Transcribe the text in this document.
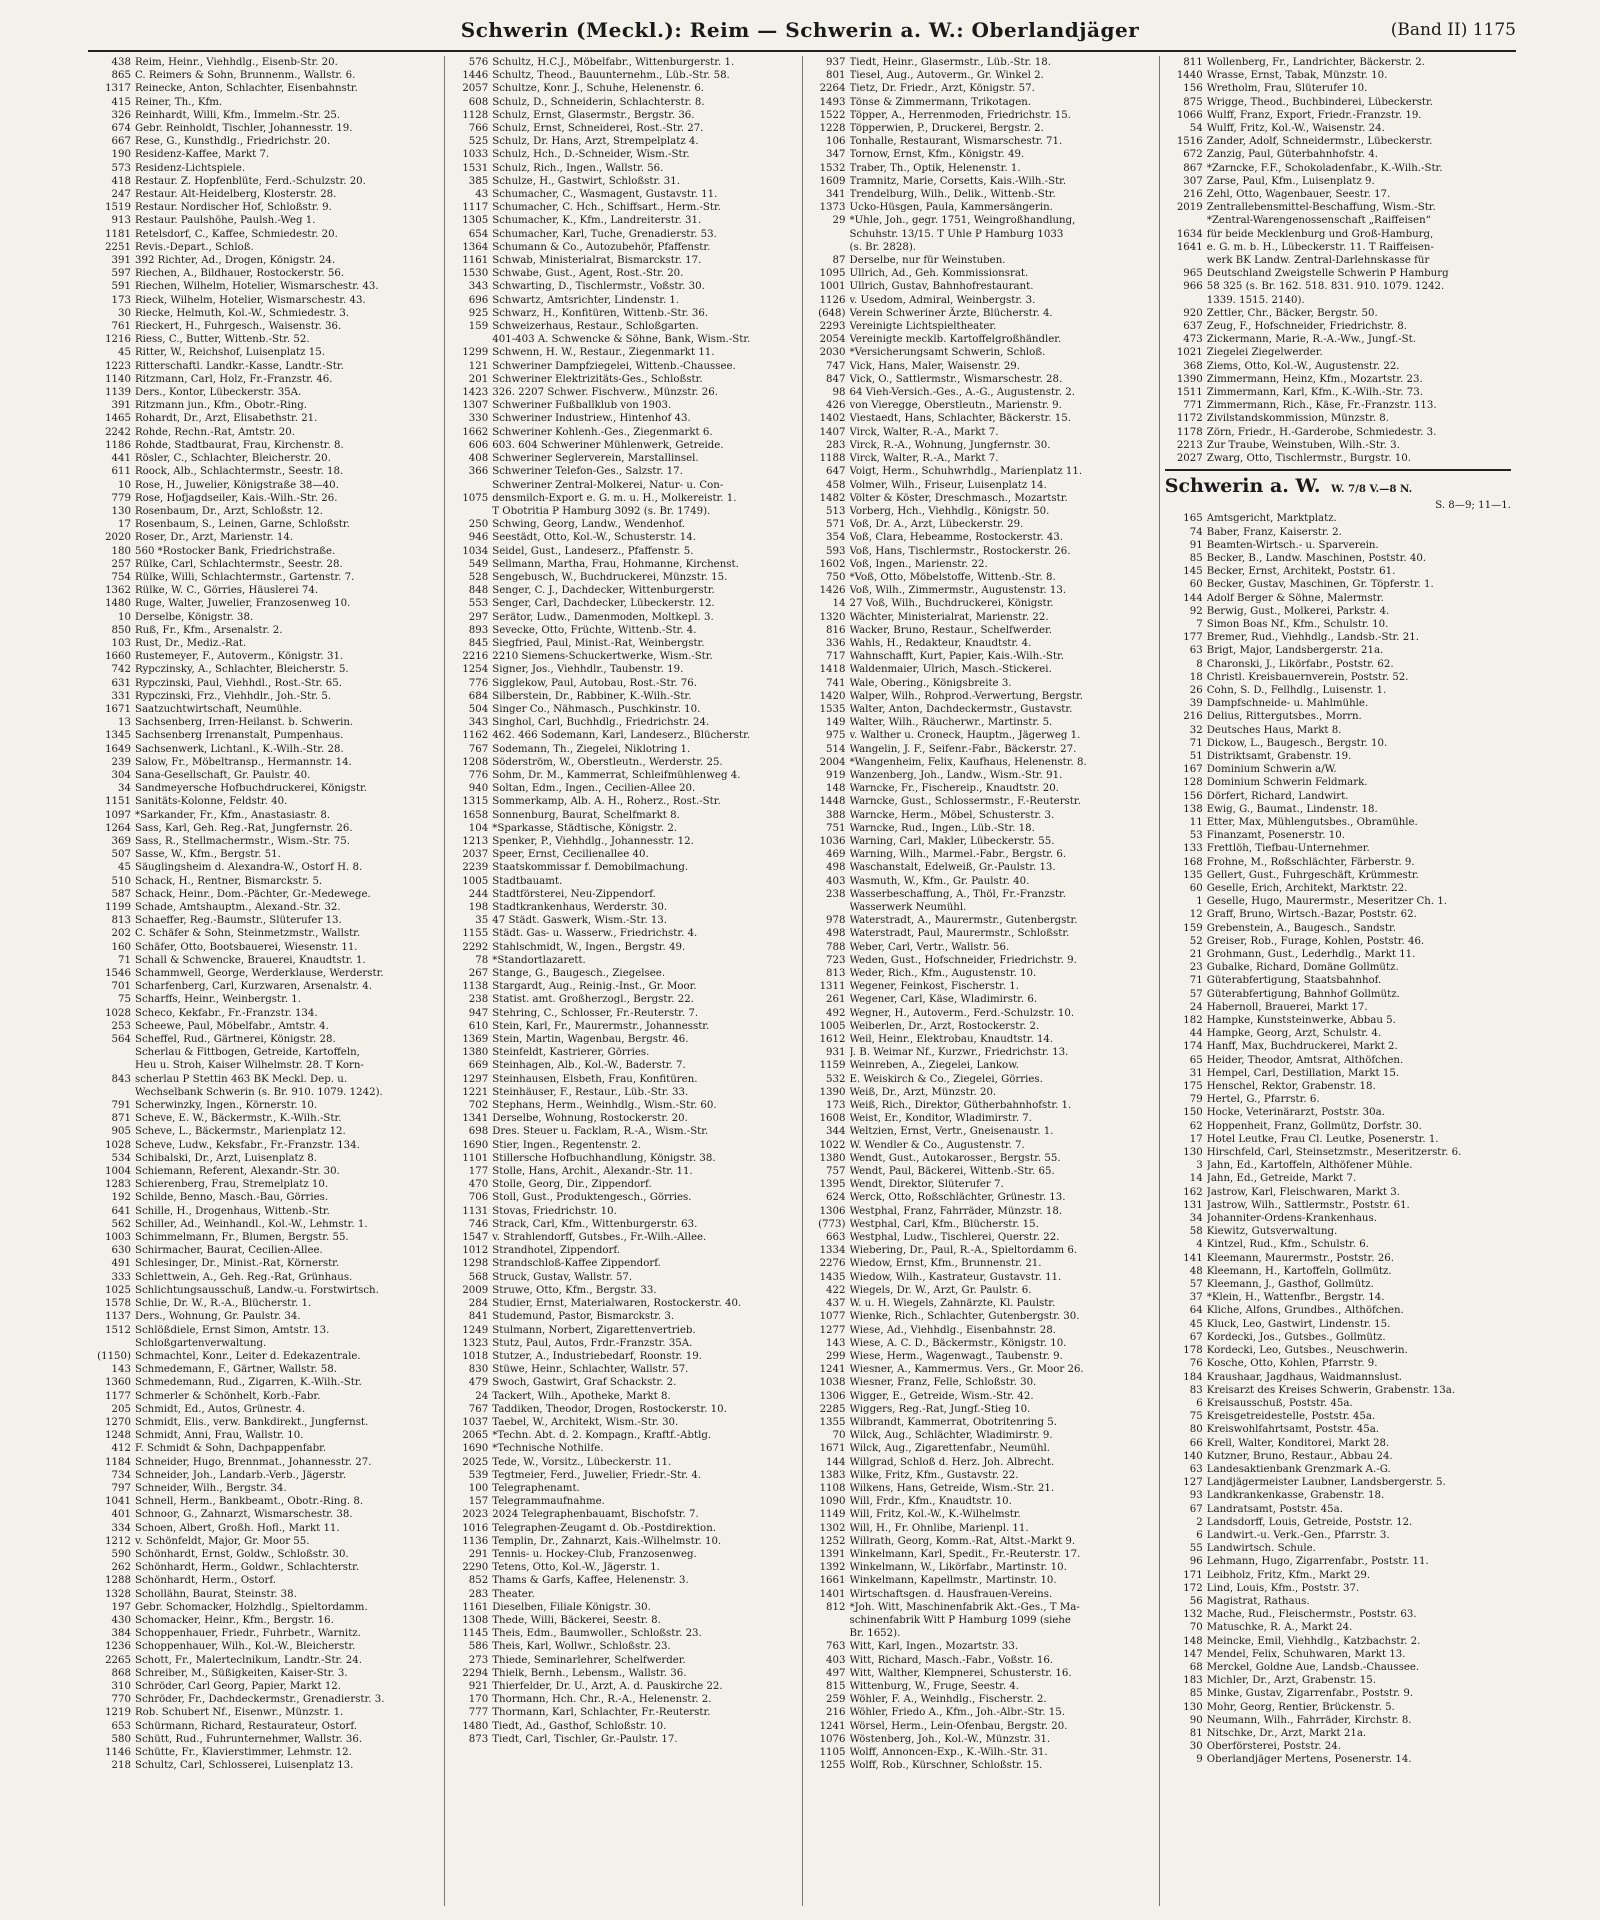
Schwerin (Meckl.): Reim — Schwerin a. W.: Oberlandjäger	(Band II) 1175
438 Reim, Heinr., Viehhdlg., Eisenb-Str. 20.
865 C. Reimers & Sohn, Brunnenm., Wallstr. 6.
1317 Reinecke, Anton, Schlachter, Eisenbahnstr.
415 Reiner, Th., Kfm.
326 Reinhardt, Willi, Kfm., Immelm.-Str. 25.
674 Gebr. Reinholdt, Tischler, Johannesstr. 19.
667 Rese, G., Kunsthdlg., Friedrichstr. 20.
190 Residenz-Kaffee, Markt 7.
573 Residenz-Lichtspiele.
418 Restaur. Z. Hopfenblüte, Ferd.-Schulzstr. 20.
247 Restaur. Alt-Heidelberg, Klosterstr. 28.
1519 Restaur. Nordischer Hof, Schloßstr. 9.
913 Restaur. Paulshöhe, Paulsh.-Weg 1.
1181 Retelsdorf, C., Kaffee, Schmiedestr. 20.
2251 Revis.-Depart., Schloß.
391 392 Richter, Ad., Drogen, Königstr. 24.
597 Riechen, A., Bildhauer, Rostockerstr. 56.
591 Riechen, Wilhelm, Hotelier, Wismarschestr. 43.
173 Rieck, Wilhelm, Hotelier, Wismarschestr. 43.
30 Riecke, Helmuth, Kol.-W., Schmiedestr. 3.
761 Rieckert, H., Fuhrgesch., Waisenstr. 36.
1216 Riess, C., Butter, Wittenb.-Str. 52.
45 Ritter, W., Reichshof, Luisenplatz 15.
1223 Ritterschaftl. Landkr.-Kasse, Landtr.-Str.
1140 Ritzmann, Carl, Holz, Fr.-Franzstr. 46.
1139 Ders., Kontor, Lübeckerstr. 35A.
391 Ritzmann jun., Kfm., Obotr.-Ring.
1465 Rohardt, Dr., Arzt, Elisabethstr. 21.
2242 Rohde, Rechn.-Rat, Amtstr. 20.
1186 Rohde, Stadtbaurat, Frau, Kirchenstr. 8.
441 Rösler, C., Schlachter, Bleicherstr. 20.
611 Roock, Alb., Schlachtermstr., Seestr. 18.
10 Rose, H., Juwelier, Königstraße 38—40.
779 Rose, Hofjagdseiler, Kais.-Wilh.-Str. 26.
130 Rosenbaum, Dr., Arzt, Schloßstr. 12.
17 Rosenbaum, S., Leinen, Garne, Schloßstr.
2020 Roser, Dr., Arzt, Marienstr. 14.
180 560 *Rostocker Bank, Friedrichstraße.
257 Rülke, Carl, Schlachtermstr., Seestr. 28.
754 Rülke, Willi, Schlachtermstr., Gartenstr. 7.
1362 Rülke, W. C., Görries, Häuslerei 74.
1480 Ruge, Walter, Juwelier, Franzosenweg 10.
10 Derselbe, Königstr. 38.
850 Ruß, Fr., Kfm., Arsenalstr. 2.
103 Rust, Dr., Mediz.-Rat.
1660 Rustemeyer, F., Autoverm., Königstr. 31.
742 Rypczinsky, A., Schlachter, Bleicherstr. 5.
631 Rypczinski, Paul, Viehhdl., Rost.-Str. 65.
331 Rypczinski, Frz., Viehhdlr., Joh.-Str. 5.
1671 Saatzuchtwirtschaft, Neumühle.
13 Sachsenberg, Irren-Heilanst. b. Schwerin.
1345 Sachsenberg Irrenanstalt, Pumpenhaus.
1649 Sachsenwerk, Lichtanl., K.-Wilh.-Str. 28.
239 Salow, Fr., Möbeltransp., Hermannstr. 14.
304 Sana-Gesellschaft, Gr. Paulstr. 40.
34 Sandmeyersche Hofbuchdruckerei, Königstr.
1151 Sanitäts-Kolonne, Feldstr. 40.
1097 *Sarkander, Fr., Kfm., Anastasiastr. 8.
1264 Sass, Karl, Geh. Reg.-Rat, Jungfernstr. 26.
369 Sass, R., Stellmachermstr., Wism.-Str. 75.
507 Sasse, W., Kfm., Bergstr. 51.
45 Säuglingsheim d. Alexandra-W., Ostorf H. 8.
510 Schack, H., Rentner, Bismarckstr. 5.
587 Schack, Heinr., Dom.-Pächter, Gr.-Medewege.
1199 Schade, Amtshauptm., Alexand.-Str. 32.
813 Schaeffer, Reg.-Baumstr., Slüterufer 13.
202 C. Schäfer & Sohn, Steinmetzmstr., Wallstr.
160 Schäfer, Otto, Bootsbauerei, Wiesenstr. 11.
71 Schall & Schwencke, Brauerei, Knaudtstr. 1.
1546 Schammwell, George, Werderklause, Werderstr.
701 Scharfenberg, Carl, Kurzwaren, Arsenalstr. 4.
75 Scharffs, Heinr., Weinbergstr. 1.
1028 Scheco, Kekfabr., Fr.-Franzstr. 134.
253 Scheewe, Paul, Möbelfabr., Amtstr. 4.
564 Scheffel, Rud., Gärtnerei, Königstr. 28.
Scherlau & Fittbogen, Getreide, Kartoffeln,
Heu u. Stroh, Kaiser Wilhelmstr. 28. T Korn-
843 scherlau P Stettin 463 BK Meckl. Dep. u.
Wechselbank Schwerin (s. Br. 910. 1079. 1242).
791 Scherwinzky, Ingen., Körnerstr. 10.
871 Scheve, E. W., Bäckermstr., K.-Wilh.-Str.
905 Scheve, L., Bäckermstr., Marienplatz 12.
1028 Scheve, Ludw., Keksfabr., Fr.-Franzstr. 134.
534 Schibalski, Dr., Arzt, Luisenplatz 8.
1004 Schiemann, Referent, Alexandr.-Str. 30.
1283 Schierenberg, Frau, Stremelplatz 10.
192 Schilde, Benno, Masch.-Bau, Görries.
641 Schille, H., Drogenhaus, Wittenb.-Str.
562 Schiller, Ad., Weinhandl., Kol.-W., Lehmstr. 1.
1003 Schimmelmann, Fr., Blumen, Bergstr. 55.
630 Schirmacher, Baurat, Cecilien-Allee.
491 Schlesinger, Dr., Minist.-Rat, Körnerstr.
333 Schlettwein, A., Geh. Reg.-Rat, Grünhaus.
1025 Schlichtungsausschuß, Landw.-u. Forstwirtsch.
1578 Schlie, Dr. W., R.-A., Blücherstr. 1.
1137 Ders., Wohnung, Gr. Paulstr. 34.
1512 Schlößdiele, Ernst Simon, Amtstr. 13.
Schloßgartenverwaltung.
(1150) Schmachtel, Konr., Leiter d. Edekazentrale.
143 Schmedemann, F., Gärtner, Wallstr. 58.
1360 Schmedemann, Rud., Zigarren, K.-Wilh.-Str.
1177 Schmerler & Schönhelt, Korb.-Fabr.
205 Schmidt, Ed., Autos, Grünestr. 4.
1270 Schmidt, Elis., verw. Bankdirekt., Jungfernst.
1248 Schmidt, Anni, Frau, Wallstr. 10.
412 F. Schmidt & Sohn, Dachpappenfabr.
1184 Schneider, Hugo, Brennmat., Johannesstr. 27.
734 Schneider, Joh., Landarb.-Verb., Jägerstr.
797 Schneider, Wilh., Bergstr. 34.
1041 Schnell, Herm., Bankbeamt., Obotr.-Ring. 8.
401 Schnoor, G., Zahnarzt, Wismarschestr. 38.
334 Schoen, Albert, Großh. Hofl., Markt 11.
1212 v. Schönfeldt, Major, Gr. Moor 55.
590 Schönhardt, Ernst, Goldw., Schloßstr. 30.
262 Schönhardt, Herm., Goldwr., Schlachterstr.
1288 Schönhardt, Herm., Ostorf.
1328 Schollähn, Baurat, Steinstr. 38.
197 Gebr. Schomacker, Holzhdlg., Spieltordamm.
430 Schomacker, Heinr., Kfm., Bergstr. 16.
384 Schoppenhauer, Friedr., Fuhrbetr., Warnitz.
1236 Schoppenhauer, Wilh., Kol.-W., Bleicherstr.
2265 Schott, Fr., Malerteclnikum, Landtr.-Str. 24.
868 Schreiber, M., Süßigkeiten, Kaiser-Str. 3.
310 Schröder, Carl Georg, Papier, Markt 12.
770 Schröder, Fr., Dachdeckermstr., Grenadierstr. 3.
1219 Rob. Schubert Nf., Eisenwr., Münzstr. 1.
653 Schürmann, Richard, Restaurateur, Ostorf.
580 Schütt, Rud., Fuhrunternehmer, Wallstr. 36.
1146 Schütte, Fr., Klavierstimmer, Lehmstr. 12.
218 Schultz, Carl, Schlosserei, Luisenplatz 13.
576 Schultz, H.C.J., Möbelfabr., Wittenburgerstr. 1.
1446 Schultz, Theod., Bauunternehm., Lüb.-Str. 58.
2057 Schultze, Konr. J., Schuhe, Helenenstr. 6.
608 Schulz, D., Schneiderin, Schlachterstr. 8.
1128 Schulz, Ernst, Glasermstr., Bergstr. 36.
766 Schulz, Ernst, Schneiderei, Rost.-Str. 27.
525 Schulz, Dr. Hans, Arzt, Strempelplatz 4.
1033 Schulz, Hch., D.-Schneider, Wism.-Str.
1531 Schulz, Rich., Ingen., Wallstr. 56.
385 Schulze, H., Gastwirt, Schloßstr. 31.
43 Schumacher, C., Wasmagent, Gustavstr. 11.
1117 Schumacher, C. Hch., Schiffsart., Herm.-Str.
1305 Schumacher, K., Kfm., Landreiterstr. 31.
654 Schumacher, Karl, Tuche, Grenadierstr. 53.
1364 Schumann & Co., Autozubehör, Pfaffenstr.
1161 Schwab, Ministerialrat, Bismarckstr. 17.
1530 Schwabe, Gust., Agent, Rost.-Str. 20.
343 Schwarting, D., Tischlermstr., Voßstr. 30.
696 Schwartz, Amtsrichter, Lindenstr. 1.
925 Schwarz, H., Konfitüren, Wittenb.-Str. 36.
159 Schweizerhaus, Restaur., Schloßgarten.
401-403 A. Schwencke & Söhne, Bank, Wism.-Str.
1299 Schwenn, H. W., Restaur., Ziegenmarkt 11.
121 Schweriner Dampfziegelei, Wittenb.-Chaussee.
201 Schweriner Elektrizitäts-Ges., Schloßstr.
1423 326. 2207 Schwer. Fischverw., Münzstr. 26.
1307 Schweriner Fußballklub von 1903.
330 Schweriner Industriew., Hintenhof 43.
1662 Schweriner Kohlenh.-Ges., Ziegenmarkt 6.
606 603. 604 Schweriner Mühlenwerk, Getreide.
408 Schweriner Seglerverein, Marstallinsel.
366 Schweriner Telefon-Ges., Salzstr. 17.
Schweriner Zentral-Molkerei, Natur- u. Con-
1075 densmilch-Export e. G. m. u. H., Molkereistr. 1.
T Obotritia P Hamburg 3092 (s. Br. 1749).
250 Schwing, Georg, Landw., Wendenhof.
946 Seestädt, Otto, Kol.-W., Schusterstr. 14.
1034 Seidel, Gust., Landeserz., Pfaffenstr. 5.
549 Sellmann, Martha, Frau, Hohmanne, Kirchenst.
528 Sengebusch, W., Buchdruckerei, Münzstr. 15.
848 Senger, C. J., Dachdecker, Wittenburgerstr.
553 Senger, Carl, Dachdecker, Lübeckerstr. 12.
297 Serätor, Ludw., Damenmoden, Moltkepl. 3.
893 Sevecke, Otto, Früchte, Wittenb.-Str. 4.
845 Siegfried, Paul, Minist.-Rat, Weinbergstr.
2216 2210 Siemens-Schuckertwerke, Wism.-Str.
1254 Signer, Jos., Viehhdlr., Taubenstr. 19.
776 Sigglekow, Paul, Autobau, Rost.-Str. 76.
684 Silberstein, Dr., Rabbiner, K.-Wilh.-Str.
504 Singer Co., Nähmasch., Puschkinstr. 10.
343 Singhol, Carl, Buchhdlg., Friedrichstr. 24.
1162 462. 466 Sodemann, Karl, Landeserz., Blücherstr.
767 Sodemann, Th., Ziegelei, Niklotring 1.
1208 Söderström, W., Oberstleutn., Werderstr. 25.
776 Sohm, Dr. M., Kammerrat, Schleifmühlenweg 4.
940 Soltan, Edm., Ingen., Cecilien-Allee 20.
1315 Sommerkamp, Alb. A. H., Roherz., Rost.-Str.
1658 Sonnenburg, Baurat, Schelfmarkt 8.
104 *Sparkasse, Städtische, Königstr. 2.
1213 Spenker, P., Viehhdlg., Johannesstr. 12.
2037 Speer, Ernst, Cecilienallee 40.
2239 Staatskommissar f. Demobilmachung.
1005 Stadtbauamt.
244 Stadtförsterei, Neu-Zippendorf.
198 Stadtkrankenhaus, Werderstr. 30.
35 47 Städt. Gaswerk, Wism.-Str. 13.
1155 Städt. Gas- u. Wasserw., Friedrichstr. 4.
2292 Stahlschmidt, W., Ingen., Bergstr. 49.
78 *Standortlazarett.
267 Stange, G., Baugesch., Ziegelsee.
1138 Stargardt, Aug., Reinig.-Inst., Gr. Moor.
238 Statist. amt. Großherzogl., Bergstr. 22.
947 Stehring, C., Schlosser, Fr.-Reuterstr. 7.
610 Stein, Karl, Fr., Maurermstr., Johannesstr.
1369 Stein, Martin, Wagenbau, Bergstr. 46.
1380 Steinfeldt, Kastrierer, Görries.
669 Steinhagen, Alb., Kol.-W., Baderstr. 7.
1297 Steinhausen, Elsbeth, Frau, Konfitüren.
1221 Steinhäuser, F., Restaur., Lüb.-Str. 33.
702 Stephans, Herm., Weinhdlg., Wism.-Str. 60.
1341 Derselbe, Wohnung, Rostockerstr. 20.
698 Dres. Steuer u. Facklam, R.-A., Wism.-Str.
1690 Stier, Ingen., Regentenstr. 2.
1101 Stillersche Hofbuchhandlung, Königstr. 38.
177 Stolle, Hans, Archit., Alexandr.-Str. 11.
470 Stolle, Georg, Dir., Zippendorf.
706 Stoll, Gust., Produktengesch., Görries.
1131 Stovas, Friedrichstr. 10.
746 Strack, Carl, Kfm., Wittenburgerstr. 63.
1547 v. Strahlendorff, Gutsbes., Fr.-Wilh.-Allee.
1012 Strandhotel, Zippendorf.
1298 Strandschloß-Kaffee Zippendorf.
568 Struck, Gustav, Wallstr. 57.
2009 Struwe, Otto, Kfm., Bergstr. 33.
284 Studier, Ernst, Materialwaren, Rostockerstr. 40.
841 Studemund, Pastor, Bismarckstr. 3.
1249 Stulmann, Norbert, Zigarettenvertrieb.
1323 Stutz, Paul, Autos, Frdr.-Franzstr. 35A.
1018 Stutzer, A., Industriebedarf, Roonstr. 19.
830 Stüwe, Heinr., Schlachter, Wallstr. 57.
479 Swoch, Gastwirt, Graf Schackstr. 2.
24 Tackert, Wilh., Apotheke, Markt 8.
767 Taddiken, Theodor, Drogen, Rostockerstr. 10.
1037 Taebel, W., Architekt, Wism.-Str. 30.
2065 *Techn. Abt. d. 2. Kompagn., Kraftf.-Abtlg.
1690 *Technische Nothilfe.
2025 Tede, W., Vorsitz., Lübeckerstr. 11.
539 Tegtmeier, Ferd., Juwelier, Friedr.-Str. 4.
100 Telegraphenamt.
157 Telegrammaufnahme.
2023 2024 Telegraphenbauamt, Bischofstr. 7.
1016 Telegraphen-Zeugamt d. Ob.-Postdirektion.
1136 Templin, Dr., Zahnarzt, Kais.-Wilhelmstr. 10.
291 Tennis- u. Hockey-Club, Franzosenweg.
2290 Tetens, Otto, Kol.-W., Jägerstr. 1.
852 Thams & Garfs, Kaffee, Helenenstr. 3.
283 Theater.
1161 Dieselben, Filiale Königstr. 30.
1308 Thede, Willi, Bäckerei, Seestr. 8.
1145 Theis, Edm., Baumwoller., Schloßstr. 23.
586 Theis, Karl, Wollwr., Schloßstr. 23.
273 Thiede, Seminarlehrer, Schelfwerder.
2294 Thielk, Bernh., Lebensm., Wallstr. 36.
921 Thierfelder, Dr. U., Arzt, A. d. Pauskirche 22.
170 Thormann, Hch. Chr., R.-A., Helenenstr. 2.
777 Thormann, Karl, Schlachter, Fr.-Reuterstr.
1480 Tiedt, Ad., Gasthof, Schloßstr. 10.
873 Tiedt, Carl, Tischler, Gr.-Paulstr. 17.
937 Tiedt, Heinr., Glasermstr., Lüb.-Str. 18.
801 Tiesel, Aug., Autoverm., Gr. Winkel 2.
2264 Tietz, Dr. Friedr., Arzt, Königstr. 57.
1493 Tönse & Zimmermann, Trikotagen.
1522 Töpper, A., Herrenmoden, Friedrichstr. 15.
1228 Töpperwien, P., Druckerei, Bergstr. 2.
106 Tonhalle, Restaurant, Wismarschestr. 71.
347 Tornow, Ernst, Kfm., Königstr. 49.
1532 Traber, Th., Optik, Helenenstr. 1.
1609 Tramnitz, Marie, Corsetts, Kais.-Wilh.-Str.
341 Trendelburg, Wilh., Delik., Wittenb.-Str.
1373 Ucko-Hüsgen, Paula, Kammersängerin.
29 *Uhle, Joh., gegr. 1751, Weingroßhandlung,
Schuhstr. 13/15. T Uhle P Hamburg 1033
(s. Br. 2828).
87 Derselbe, nur für Weinstuben.
1095 Ullrich, Ad., Geh. Kommissionsrat.
1001 Ullrich, Gustav, Bahnhofrestaurant.
1126 v. Usedom, Admiral, Weinbergstr. 3.
(648) Verein Schweriner Ärzte, Blücherstr. 4.
2293 Vereinigte Lichtspieltheater.
2054 Vereinigte mecklb. Kartoffelgroßhändler.
2030 *Versicherungsamt Schwerin, Schloß.
747 Vick, Hans, Maler, Waisenstr. 29.
847 Vick, O., Sattlermstr., Wismarschestr. 28.
98 64 Vieh-Versich.-Ges., A.-G., Augustenstr. 2.
426 von Vieregge, Oberstleutn., Marienstr. 9.
1402 Viestaedt, Hans, Schlachter, Bäckerstr. 15.
1407 Virck, Walter, R.-A., Markt 7.
283 Virck, R.-A., Wohnung, Jungfernstr. 30.
1188 Virck, Walter, R.-A., Markt 7.
647 Voigt, Herm., Schuhwrhdlg., Marienplatz 11.
458 Volmer, Wilh., Friseur, Luisenplatz 14.
1482 Völter & Köster, Dreschmasch., Mozartstr.
513 Vorberg, Hch., Viehhdlg., Königstr. 50.
571 Voß, Dr. A., Arzt, Lübeckerstr. 29.
354 Voß, Clara, Hebeamme, Rostockerstr. 43.
593 Voß, Hans, Tischlermstr., Rostockerstr. 26.
1602 Voß, Ingen., Marienstr. 22.
750 *Voß, Otto, Möbelstoffe, Wittenb.-Str. 8.
1426 Voß, Wilh., Zimmermstr., Augustenstr. 13.
14 27 Voß, Wilh., Buchdruckerei, Königstr.
1320 Wächter, Ministerialrat, Marienstr. 22.
816 Wacker, Bruno, Restaur., Schelfwerder.
336 Wahls, H., Redakteur, Knaudtstr. 4.
717 Wahnschafft, Kurt, Papier, Kais.-Wilh.-Str.
1418 Waldenmaier, Ulrich, Masch.-Stickerei.
741 Wale, Obering., Königsbreite 3.
1420 Walper, Wilh., Rohprod.-Verwertung, Bergstr.
1535 Walter, Anton, Dachdeckermstr., Gustavstr.
149 Walter, Wilh., Räucherwr., Martinstr. 5.
975 v. Walther u. Croneck, Hauptm., Jägerweg 1.
514 Wangelin, J. F., Seifenr.-Fabr., Bäckerstr. 27.
2004 *Wangenheim, Felix, Kaufhaus, Helenenstr. 8.
919 Wanzenberg, Joh., Landw., Wism.-Str. 91.
148 Warncke, Fr., Fischereip., Knaudtstr. 20.
1448 Warncke, Gust., Schlossermstr., F.-Reuterstr.
388 Warncke, Herm., Möbel, Schusterstr. 3.
751 Warncke, Rud., Ingen., Lüb.-Str. 18.
1036 Warning, Carl, Makler, Lübeckerstr. 55.
469 Warning, Wilh., Marmel.-Fabr., Bergstr. 6.
498 Waschanstalt, Edelweiß, Gr.-Paulstr. 13.
403 Wasmuth, W., Kfm., Gr. Paulstr. 40.
238 Wasserbeschaffung, A., Thöl, Fr.-Franzstr.
Wasserwerk Neumühl.
978 Waterstradt, A., Maurermstr., Gutenbergstr.
498 Waterstradt, Paul, Maurermstr., Schloßstr.
788 Weber, Carl, Vertr., Wallstr. 56.
723 Weden, Gust., Hofschneider, Friedrichstr. 9.
813 Weder, Rich., Kfm., Augustenstr. 10.
1311 Wegener, Feinkost, Fischerstr. 1.
261 Wegener, Carl, Käse, Wladimirstr. 6.
492 Wegner, H., Autoverm., Ferd.-Schulzstr. 10.
1005 Weiberlen, Dr., Arzt, Rostockerstr. 2.
1612 Weil, Heinr., Elektrobau, Knaudtstr. 14.
931 J. B. Weimar Nf., Kurzwr., Friedrichstr. 13.
1159 Weinreben, A., Ziegelei, Lankow.
532 E. Weiskirch & Co., Ziegelei, Görries.
1390 Weiß, Dr., Arzt, Münzstr. 20.
173 Weiß, Rich., Direktor, Gütherbahnhofstr. 1.
1608 Weist, Er., Konditor, Wladimirstr. 7.
344 Weltzien, Ernst, Vertr., Gneisenaustr. 1.
1022 W. Wendler & Co., Augustenstr. 7.
1380 Wendt, Gust., Autokarosser., Bergstr. 55.
757 Wendt, Paul, Bäckerei, Wittenb.-Str. 65.
1395 Wendt, Direktor, Slüterufer 7.
624 Werck, Otto, Roßschlächter, Grünestr. 13.
1306 Westphal, Franz, Fahrräder, Münzstr. 18.
(773) Westphal, Carl, Kfm., Blücherstr. 15.
663 Westphal, Ludw., Tischlerei, Querstr. 22.
1334 Wiebering, Dr., Paul, R.-A., Spieltordamm 6.
2276 Wiedow, Ernst, Kfm., Brunnenstr. 21.
1435 Wiedow, Wilh., Kastrateur, Gustavstr. 11.
422 Wiegels, Dr. W., Arzt, Gr. Paulstr. 6.
437 W. u. H. Wiegels, Zahnärzte, Kl. Paulstr.
1077 Wienke, Rich., Schlachter, Gutenbergstr. 30.
1277 Wiese, Ad., Viehhdlg., Eisenbahnstr. 28.
143 Wiese, A. C. D., Bäckermstr., Königstr. 10.
299 Wiese, Herm., Wagenwagt., Taubenstr. 9.
1241 Wiesner, A., Kammermus. Vers., Gr. Moor 26.
1038 Wiesner, Franz, Felle, Schloßstr. 30.
1306 Wigger, E., Getreide, Wism.-Str. 42.
2285 Wiggers, Reg.-Rat, Jungf.-Stieg 10.
1355 Wilbrandt, Kammerrat, Obotritenring 5.
70 Wilck, Aug., Schlächter, Wladimirstr. 9.
1671 Wilck, Aug., Zigarettenfabr., Neumühl.
144 Willgrad, Schloß d. Herz. Joh. Albrecht.
1383 Wilke, Fritz, Kfm., Gustavstr. 22.
1108 Wilkens, Hans, Getreide, Wism.-Str. 21.
1090 Will, Frdr., Kfm., Knaudtstr. 10.
1149 Will, Fritz, Kol.-W., K.-Wilhelmstr.
1302 Will, H., Fr. Ohnlibe, Marienpl. 11.
1252 Willrath, Georg, Komm.-Rat, Altst.-Markt 9.
1391 Winkelmann, Karl, Spedit., Fr.-Reuterstr. 17.
1392 Winkelmann, W., Likörfabr., Martinstr. 10.
1661 Winkelmann, Kapellmstr., Martinstr. 10.
1401 Wirtschaftsgen. d. Hausfrauen-Vereins.
812 *Joh. Witt, Maschinenfabrik Akt.-Ges., T Ma-
schinenfabrik Witt P Hamburg 1099 (siehe
Br. 1652).
763 Witt, Karl, Ingen., Mozartstr. 33.
403 Witt, Richard, Masch.-Fabr., Voßstr. 16.
497 Witt, Walther, Klempnerei, Schusterstr. 16.
815 Wittenburg, W., Fruge, Seestr. 4.
259 Wöhler, F. A., Weinhdlg., Fischerstr. 2.
216 Wöhler, Friedo A., Kfm., Joh.-Albr.-Str. 15.
1241 Wörsel, Herm., Lein-Ofenbau, Bergstr. 20.
1076 Wöstenberg, Joh., Kol.-W., Münzstr. 31.
1105 Wolff, Annoncen-Exp., K.-Wilh.-Str. 31.
1255 Wolff, Rob., Kürschner, Schloßstr. 15.
811 Wollenberg, Fr., Landrichter, Bäckerstr. 2.
1440 Wrasse, Ernst, Tabak, Münzstr. 10.
156 Wretholm, Frau, Slüterufer 10.
875 Wrigge, Theod., Buchbinderei, Lübeckerstr.
1066 Wulff, Franz, Export, Friedr.-Franzstr. 19.
54 Wulff, Fritz, Kol.-W., Waisenstr. 24.
1516 Zander, Adolf, Schneidermstr., Lübeckerstr.
672 Zanzig, Paul, Güterbahnhofstr. 4.
867 *Zarncke, F.F., Schokoladenfabr., K.-Wilh.-Str.
307 Zarse, Paul, Kfm., Luisenplatz 9.
216 Zehl, Otto, Wagenbauer, Seestr. 17.
2019 Zentrallebensmittel-Beschaffung, Wism.-Str.
*Zentral-Warengenossenschaft „Raiffeisen“
1634 für beide Mecklenburg und Groß-Hamburg,
1641 e. G. m. b. H., Lübeckerstr. 11. T Raiffeisen-
werk BK Landw. Zentral-Darlehnskasse für
965 Deutschland Zweigstelle Schwerin P Hamburg
966 58 325 (s. Br. 162. 518. 831. 910. 1079. 1242.
1339. 1515. 2140).
920 Zettler, Chr., Bäcker, Bergstr. 50.
637 Zeug, F., Hofschneider, Friedrichstr. 8.
473 Zickermann, Marie, R.-A.-Ww., Jungf.-St.
1021 Ziegelei Ziegelwerder.
368 Ziems, Otto, Kol.-W., Augustenstr. 22.
1390 Zimmermann, Heinz, Kfm., Mozartstr. 23.
1511 Zimmermann, Karl, Kfm., K.-Wilh.-Str. 73.
771 Zimmermann, Rich., Käse, Fr.-Franzstr. 113.
1172 Zivilstandskommission, Münzstr. 8.
1178 Zörn, Friedr., H.-Garderobe, Schmiedestr. 3.
2213 Zur Traube, Weinstuben, Wilh.-Str. 3.
2027 Zwarg, Otto, Tischlermstr., Burgstr. 10.
Schwerin a. W. W. 7/8 V.—8 N.
S. 8—9; 11—1.
165 Amtsgericht, Marktplatz.
74 Baber, Franz, Kaiserstr. 2.
91 Beamten-Wirtsch.- u. Sparverein.
85 Becker, B., Landw. Maschinen, Poststr. 40.
145 Becker, Ernst, Architekt, Poststr. 61.
60 Becker, Gustav, Maschinen, Gr. Töpferstr. 1.
144 Adolf Berger & Söhne, Malermstr.
92 Berwig, Gust., Molkerei, Parkstr. 4.
7 Simon Boas Nf., Kfm., Schulstr. 10.
177 Bremer, Rud., Viehhdlg., Landsb.-Str. 21.
63 Brigt, Major, Landsbergerstr. 21a.
8 Charonski, J., Likörfabr., Poststr. 62.
18 Christl. Kreisbauernverein, Poststr. 52.
26 Cohn, S. D., Fellhdlg., Luisenstr. 1.
39 Dampfschneide- u. Mahlmühle.
216 Delius, Rittergutsbes., Morrn.
32 Deutsches Haus, Markt 8.
71 Dickow, L., Baugesch., Bergstr. 10.
51 Distriktsamt, Grabenstr. 19.
167 Dominium Schwerin a/W.
128 Dominium Schwerin Feldmark.
156 Dörfert, Richard, Landwirt.
138 Ewig, G., Baumat., Lindenstr. 18.
11 Etter, Max, Mühlengutsbes., Obramühle.
53 Finanzamt, Posenerstr. 10.
133 Frettlöh, Tiefbau-Unternehmer.
168 Frohne, M., Roßschlächter, Färberstr. 9.
135 Gellert, Gust., Fuhrgeschäft, Krümmestr.
60 Geselle, Erich, Architekt, Marktstr. 22.
1 Geselle, Hugo, Maurermstr., Meseritzer Ch. 1.
12 Graff, Bruno, Wirtsch.-Bazar, Poststr. 62.
159 Grebenstein, A., Baugesch., Sandstr.
52 Greiser, Rob., Furage, Kohlen, Poststr. 46.
21 Grohmann, Gust., Lederhdlg., Markt 11.
23 Gubalke, Richard, Domäne Gollmütz.
71 Güterabfertigung, Staatsbahnhof.
57 Güterabfertigung, Bahnhof Gollmütz.
24 Habernoll, Brauerei, Markt 17.
182 Hampke, Kunststeinwerke, Abbau 5.
44 Hampke, Georg, Arzt, Schulstr. 4.
174 Hanff, Max, Buchdruckerei, Markt 2.
65 Heider, Theodor, Amtsrat, Althöfchen.
31 Hempel, Carl, Destillation, Markt 15.
175 Henschel, Rektor, Grabenstr. 18.
79 Hertel, G., Pfarrstr. 6.
150 Hocke, Veterinärarzt, Poststr. 30a.
62 Hoppenheit, Franz, Gollmütz, Dorfstr. 30.
17 Hotel Leutke, Frau Cl. Leutke, Posenerstr. 1.
130 Hirschfeld, Carl, Steinsetzmstr., Meseritzerstr. 6.
3 Jahn, Ed., Kartoffeln, Althöfener Mühle.
14 Jahn, Ed., Getreide, Markt 7.
162 Jastrow, Karl, Fleischwaren, Markt 3.
131 Jastrow, Wilh., Sattlermstr., Poststr. 61.
34 Johanniter-Ordens-Krankenhaus.
58 Kiewitz, Gutsverwaltung.
4 Kintzel, Rud., Kfm., Schulstr. 6.
141 Kleemann, Maurermstr., Poststr. 26.
48 Kleemann, H., Kartoffeln, Gollmütz.
57 Kleemann, J., Gasthof, Gollmütz.
37 *Klein, H., Wattenfbr., Bergstr. 14.
64 Kliche, Alfons, Grundbes., Althöfchen.
45 Kluck, Leo, Gastwirt, Lindenstr. 15.
67 Kordecki, Jos., Gutsbes., Gollmütz.
178 Kordecki, Leo, Gutsbes., Neuschwerin.
76 Kosche, Otto, Kohlen, Pfarrstr. 9.
184 Kraushaar, Jagdhaus, Waidmannslust.
83 Kreisarzt des Kreises Schwerin, Grabenstr. 13a.
6 Kreisausschuß, Poststr. 45a.
75 Kreisgetreidestelle, Poststr. 45a.
80 Kreiswohlfahrtsamt, Poststr. 45a.
66 Krell, Walter, Konditorei, Markt 28.
140 Kutzner, Bruno, Restaur., Abbau 24.
63 Landesaktienbank Grenzmark A.-G.
127 Landjägermeister Laubner, Landsbergerstr. 5.
93 Landkrankenkasse, Grabenstr. 18.
67 Landratsamt, Poststr. 45a.
2 Landsdorff, Louis, Getreide, Poststr. 12.
6 Landwirt.-u. Verk.-Gen., Pfarrstr. 3.
55 Landwirtsch. Schule.
96 Lehmann, Hugo, Zigarrenfabr., Poststr. 11.
171 Leibholz, Fritz, Kfm., Markt 29.
172 Lind, Louis, Kfm., Poststr. 37.
56 Magistrat, Rathaus.
132 Mache, Rud., Fleischermstr., Poststr. 63.
70 Matuschke, R. A., Markt 24.
148 Meincke, Emil, Viehhdlg., Katzbachstr. 2.
147 Mendel, Felix, Schuhwaren, Markt 13.
68 Merckel, Goldne Aue, Landsb.-Chaussee.
183 Michler, Dr., Arzt, Grabenstr. 15.
85 Minke, Gustav, Zigarrenfabr., Poststr. 9.
130 Mohr, Georg, Rentier, Brückenstr. 5.
90 Neumann, Wilh., Fahrräder, Kirchstr. 8.
81 Nitschke, Dr., Arzt, Markt 21a.
30 Oberförsterei, Poststr. 24.
9 Oberlandjäger Mertens, Posenerstr. 14.
